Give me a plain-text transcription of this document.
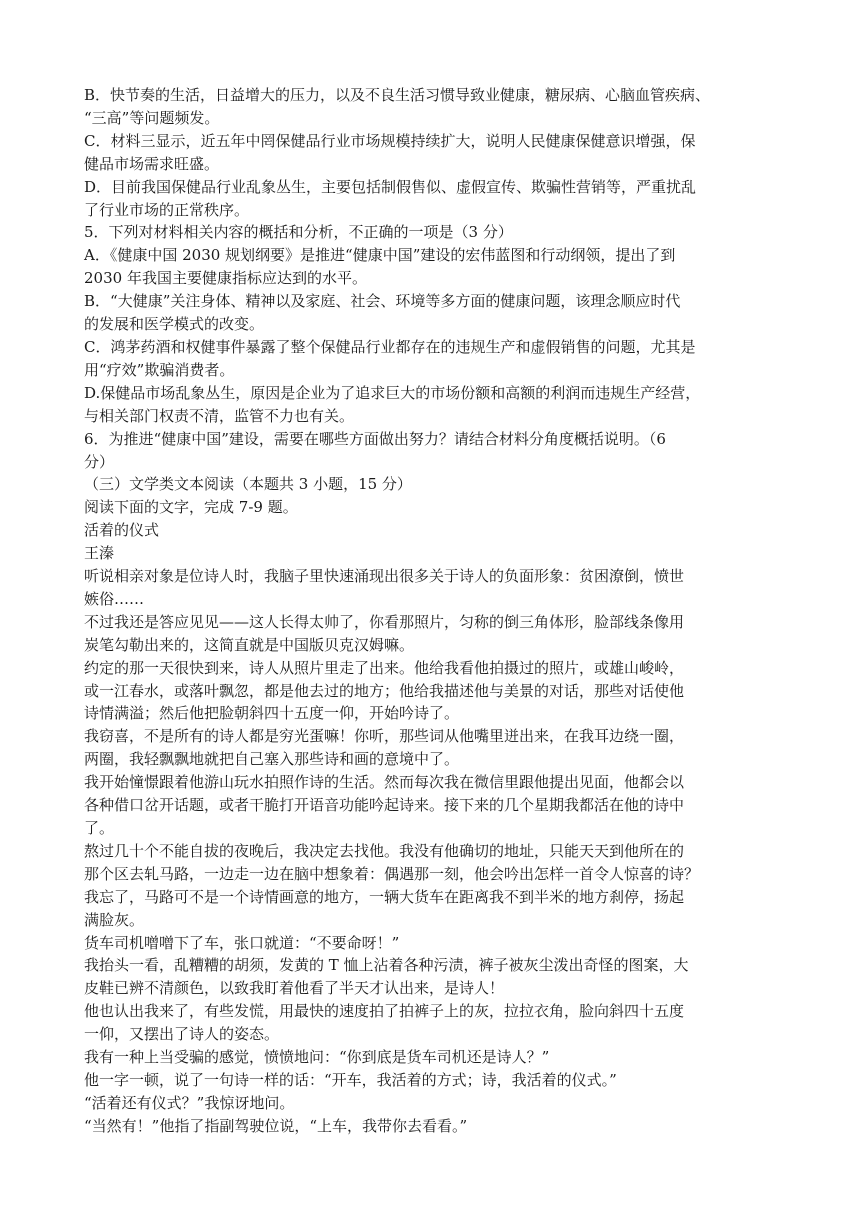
B．快节奏的生活，日益增大的压力，以及不良生活习惯导致业健康，糖尿病、心脑血管疾病、

“三高”等问题频发。

C．材料三显示，近五年中罔保健品行业市场规模持续扩大，说明人民健康保健意识增强，保

健品市场需求旺盛。

D．目前我国保健品行业乱象丛生，主要包括制假售似、虚假宣传、欺骗性营销等，严重扰乱

了行业市场的正常秩序。

5．下列对材料相关内容的概括和分析，不正确的一项是（3 分）

A．《健康中国 2030 规划纲要》是推进“健康中国”建设的宏伟蓝图和行动纲领，提出了到

2030 年我国主要健康指标应达到的水平。

B．“大健康”关注身体、精神以及家庭、社会、环境等多方面的健康问题，该理念顺应时代

的发展和医学模式的改变。

C．鸿茅药酒和权健事件暴露了整个保健品行业都存在的违规生产和虚假销售的问题，尤其是

用“疗效”欺骗消费者。

D.保健品市场乱象丛生，原因是企业为了追求巨大的市场份额和高额的利润而违规生产经营，

与相关部门权责不清，监管不力也有关。

6．为推进“健康中国”建设，需要在哪些方面做出努力？请结合材料分角度概括说明。（6

分）

（三）文学类文本阅读（本题共 3 小题，15 分）

阅读下面的文字，完成 7-9 题。

活着的仪式

王溱

听说相亲对象是位诗人时，我脑子里快速涌现出很多关于诗人的负面形象：贫困潦倒，愤世

嫉俗……

不过我还是答应见见——这人长得太帅了，你看那照片，匀称的倒三角体形，脸部线条像用

炭笔勾勒出来的，这简直就是中国版贝克汉姆嘛。

约定的那一天很快到来，诗人从照片里走了出来。他给我看他拍摄过的照片，或雄山峻岭，

或一江春水，或落叶飘忽，都是他去过的地方；他给我描述他与美景的对话，那些对话使他

诗情满溢；然后他把脸朝斜四十五度一仰，开始吟诗了。

我窃喜，不是所有的诗人都是穷光蛋嘛！你听，那些词从他嘴里迸出来，在我耳边绕一圈，

两圈，我轻飘飘地就把自己塞入那些诗和画的意境中了。

我开始憧憬跟着他游山玩水拍照作诗的生活。然而每次我在微信里跟他提出见面，他都会以

各种借口岔开话题，或者干脆打开语音功能吟起诗来。接下来的几个星期我都活在他的诗中

了。

熬过几十个不能自拔的夜晚后，我决定去找他。我没有他确切的地址，只能天天到他所在的

那个区去轧马路，一边走一边在脑中想象着：偶遇那一刻，他会吟出怎样一首令人惊喜的诗？

我忘了，马路可不是一个诗情画意的地方，一辆大货车在距离我不到半米的地方刹停，扬起

满脸灰。

货车司机噌噌下了车，张口就道：“不要命呀！”

我抬头一看，乱糟糟的胡须，发黄的 T 恤上沾着各种污渍，裤子被灰尘泼出奇怪的图案，大

皮鞋已辨不清颜色，以致我盯着他看了半天才认出来，是诗人！

他也认出我来了，有些发慌，用最快的速度拍了拍裤子上的灰，拉拉衣角，脸向斜四十五度

一仰，又摆出了诗人的姿态。

我有一种上当受骗的感觉，愤愤地问：“你到底是货车司机还是诗人？”

他一字一顿，说了一句诗一样的话：“开车，我活着的方式；诗，我活着的仪式。”

“活着还有仪式？”我惊讶地问。

“当然有！”他指了指副驾驶位说，“上车，我带你去看看。”
